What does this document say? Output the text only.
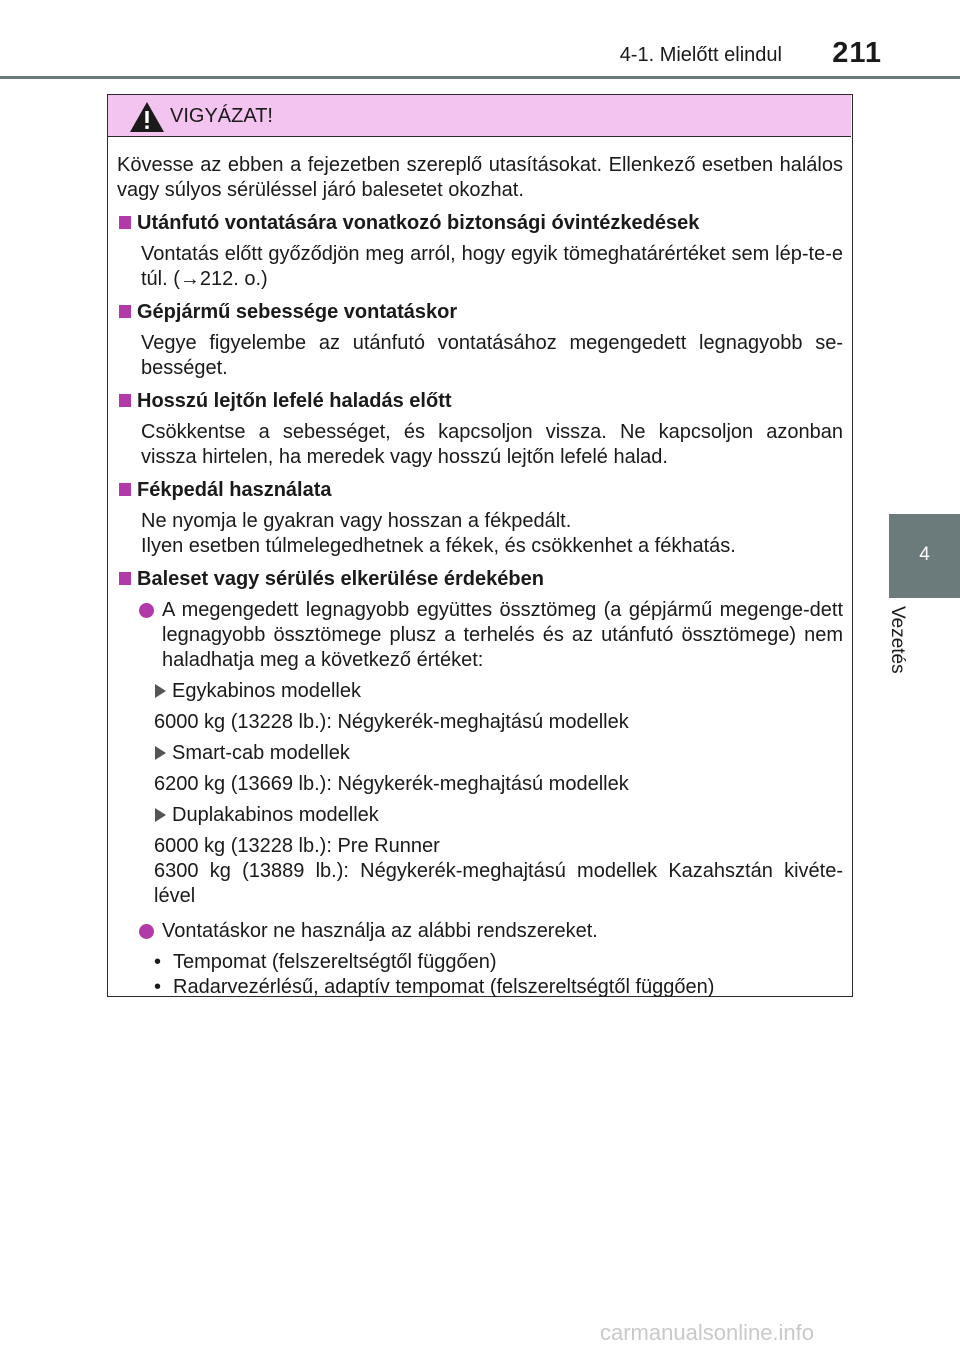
4-1. Mielőtt elindul 211
4
Vezetés
VIGYÁZAT!

Kövesse az ebben a fejezetben szereplő utasításokat. Ellenkező esetben halálos vagy súlyos sérüléssel járó balesetet okozhat.

Utánfutó vontatására vonatkozó biztonsági óvintézkedések

Vontatás előtt győződjön meg arról, hogy egyik tömeghatárértéket sem lép-te-e túl. (→212. o.)

Gépjármű sebessége vontatáskor

Vegye figyelembe az utánfutó vontatásához megengedett legnagyobb se-bességet.

Hosszú lejtőn lefelé haladás előtt

Csökkentse a sebességet, és kapcsoljon vissza. Ne kapcsoljon azonban vissza hirtelen, ha meredek vagy hosszú lejtőn lefelé halad.

Fékpedál használata
Ne nyomja le gyakran vagy hosszan a fékpedált.
Ilyen esetben túlmelegedhetnek a fékek, és csökkenhet a fékhatás.
Baleset vagy sérülés elkerülése érdekében
A megengedett legnagyobb együttes össztömeg (a gépjármű megenge-dett legnagyobb össztömege plusz a terhelés és az utánfutó össztömege) nem haladhatja meg a következő értéket:
Egykabinos modellek
6000 kg (13228 lb.): Négykerék-meghajtású modellek
Smart-cab modellek
6200 kg (13669 lb.): Négykerék-meghajtású modellek
Duplakabinos modellek
6000 kg (13228 lb.): Pre Runner
6300 kg (13889 lb.): Négykerék-meghajtású modellek Kazahsztán kivéte-lével
Vontatáskor ne használja az alábbi rendszereket.
• Tempomat (felszereltségtől függően)
• Radarvezérlésű, adaptív tempomat (felszereltségtől függően)
carmanualsonline.info
